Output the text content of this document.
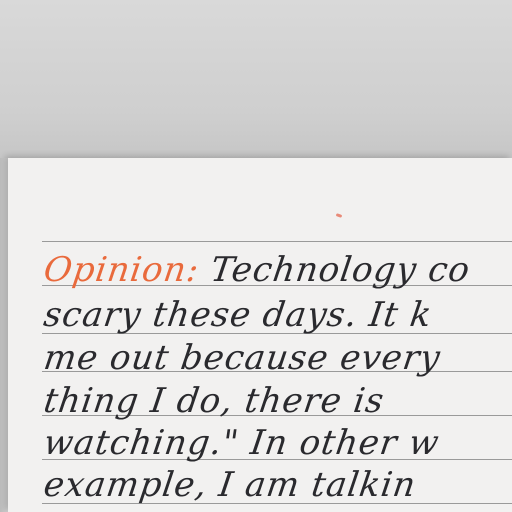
Opinion: Technology co
scary these days. It k
me out because every
thing I do, there is
watching." In other w
example, I am talkin
